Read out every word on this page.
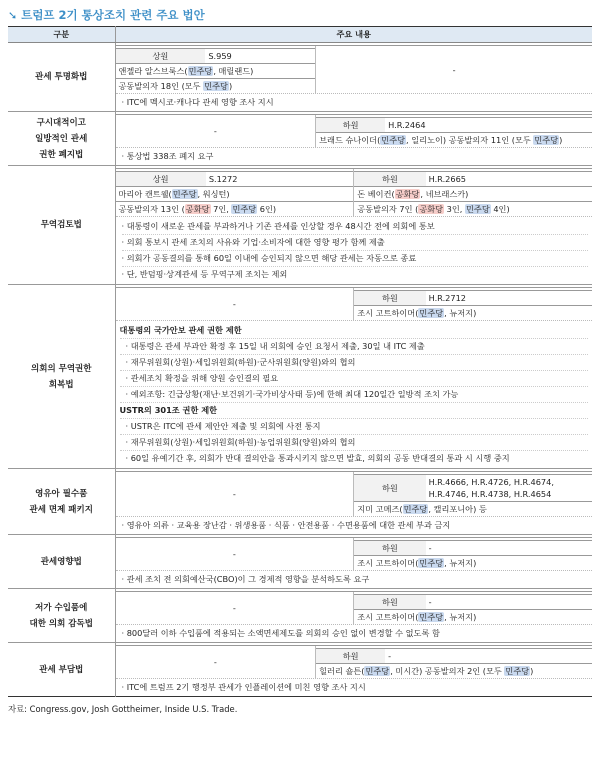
➘ 트럼프 2기 통상조치 관련 주요 법안
구분	주요 내용
관세 투명화법	
상원	S.959
	-
앤젤라 알스브룩스(민주당, 매릴랜드)
공동발의자 18인 (모두 민주당)

· ITC에 멕시코·캐나다 관세 영향 조사 지시

구시대적이고
일방적인 관세
권한 폐지법

-	
하원	H.R.2464

브래드 슈나이더(민주당, 일리노이) 공동발의자 11인 (모두 민주당)

· 통상법 338조 폐지 요구
무역검토법	
상원	S.1272
		하원	H.R.2665

마리아 캔트웰(민주당, 워싱턴)	돈 베이컨(공화당, 네브래스카)
공동발의자 13인 (공화당 7인, 민주당 6인)	공동발의자 7인 (공화당 3인, 민주당 4인)

· 대통령이 새로운 관세를 부과하거나 기존 관세를 인상할 경우 48시간 전에 의회에 통보
· 의회 통보시 관세 조치의 사유와 기업·소비자에 대한 영향 평가 함께 제출
· 의회가 공동결의를 통해 60일 이내에 승인되지 않으면 해당 관세는 자동으로 종료
· 단, 반덤핑·상계관세 등 무역구제 조치는 제외

의회의 무역권한
회복법

-	
하원	H.R.2712

조시 고트하이머(민주당, 뉴저지)

대통령의 국가안보 관세 권한 제한
· 대통령은 관세 부과안 확정 후 15일 내 의회에 승인 요청서 제출, 30일 내 ITC 제출
· 재무위원회(상원)·세입위원회(하원)·군사위원회(양원)와의 협의
· 관세조치 확정을 위해 양원 승인결의 필요
· 예외조항: 긴급상황(재난·보건위기·국가비상사태 등)에 한해 최대 120일간 일방적 조치 가능
USTR의 301조 권한 제한
· USTR은 ITC에 관세 제안안 제출 및 의회에 사전 통지
· 재무위원회(상원)·세입위원회(하원)·농업위원회(양원)와의 협의
· 60일 유예기간 후, 의회가 반대 결의안을 통과시키지 않으면 발효, 의회의 공동 반대결의 통과 시 시행 중지

영유아 필수품
관세 면제 패키지

-	
하원	
H.R.4666, H.R.4726, H.R.4674,
H.R.4746, H.R.4738, H.R.4654

지미 고메즈(민주당, 캘리포니아) 등

· 영유아 의류 · 교육용 장난감 · 위생용품 · 식품 · 안전용품 · 수면용품에 대한 관세 부과 금지
관세영향법	
-	
하원	-

조시 고트하이머(민주당, 뉴저지)

· 관세 조치 전 의회예산국(CBO)이 그 경제적 영향을 분석하도록 요구

저가 수입품에
대한 의회 감독법

-	
하원	-

조시 고트하이머(민주당, 뉴저지)

· 800달러 이하 수입품에 적용되는 소액면세제도를 의회의 승인 없이 변경할 수 없도록 함
관세 부담법	
-	
하원	-

힐러리 숄튼(민주당, 미시간) 공동발의자 2인 (모두 민주당)

· ITC에 트럼프 2기 행정부 관세가 인플레이션에 미친 영향 조사 지시
자료: Congress.gov, Josh Gottheimer, Inside U.S. Trade.
